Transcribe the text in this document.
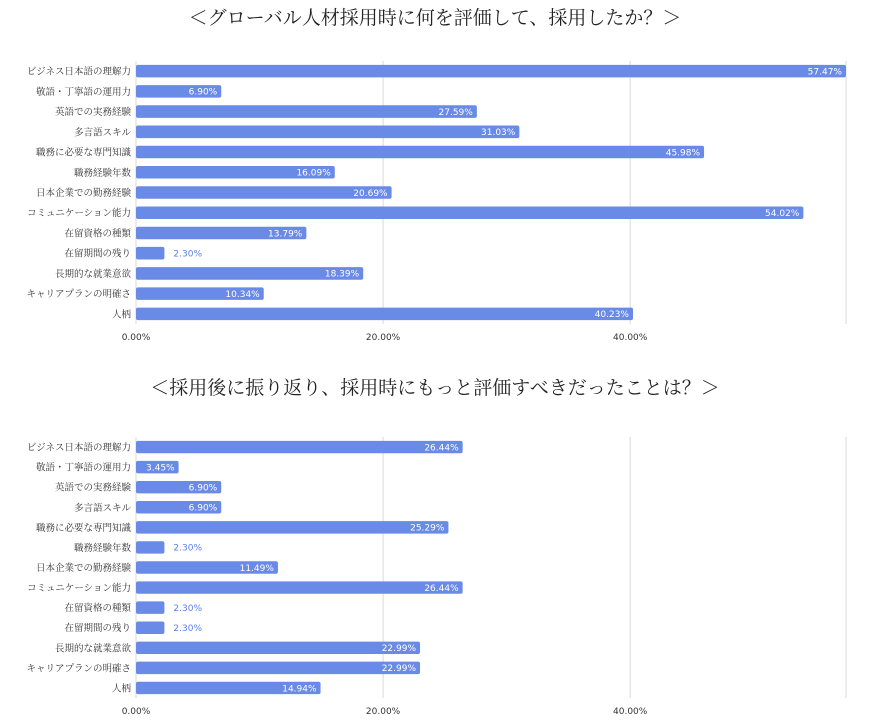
＜グローバル人材採用時に何を評価して、採用したか？＞
0.00%	20.00%	40.00%
ビジネス日本語の理解力	57.47%
敬語・丁寧語の運用力	6.90%
英語での実務経験	27.59%
多言語スキル	31.03%
職務に必要な専門知識	45.98%
職務経験年数	16.09%
日本企業での勤務経験	20.69%
コミュニケーション能力	54.02%
在留資格の種類	13.79%
在留期間の残り	2.30%
長期的な就業意欲	18.39%
キャリアプランの明確さ	10.34%
人柄	40.23%
＜採用後に振り返り、採用時にもっと評価すべきだったことは？＞
0.00%	20.00%	40.00%
ビジネス日本語の理解力	26.44%
敬語・丁寧語の運用力 3.45%
英語での実務経験	6.90%
多言語スキル	6.90%
職務に必要な専門知識	25.29%
職務経験年数	2.30%
日本企業での勤務経験	11.49%
コミュニケーション能力	26.44%
在留資格の種類	2.30%
在留期間の残り	2.30%
長期的な就業意欲	22.99%
キャリアプランの明確さ	22.99%
人柄	14.94%
